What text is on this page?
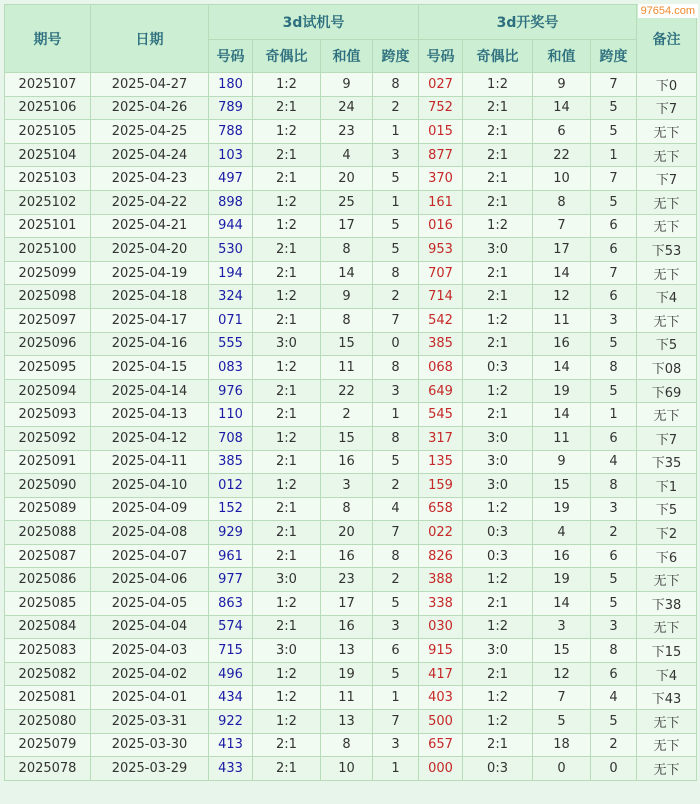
期号	日期	3d试机号				3d开奖号				备注
		号码	奇偶比	和值	跨度	号码	奇偶比	和值	跨度	
2025107	2025-04-27	180	1:2	9	8	027	1:2	9	7	下0
2025106	2025-04-26	789	2:1	24	2	752	2:1	14	5	下7
2025105	2025-04-25	788	1:2	23	1	015	2:1	6	5	无下
2025104	2025-04-24	103	2:1	4	3	877	2:1	22	1	无下
2025103	2025-04-23	497	2:1	20	5	370	2:1	10	7	下7
2025102	2025-04-22	898	1:2	25	1	161	2:1	8	5	无下
2025101	2025-04-21	944	1:2	17	5	016	1:2	7	6	无下
2025100	2025-04-20	530	2:1	8	5	953	3:0	17	6	下53
2025099	2025-04-19	194	2:1	14	8	707	2:1	14	7	无下
2025098	2025-04-18	324	1:2	9	2	714	2:1	12	6	下4
2025097	2025-04-17	071	2:1	8	7	542	1:2	11	3	无下
2025096	2025-04-16	555	3:0	15	0	385	2:1	16	5	下5
2025095	2025-04-15	083	1:2	11	8	068	0:3	14	8	下08
2025094	2025-04-14	976	2:1	22	3	649	1:2	19	5	下69
2025093	2025-04-13	110	2:1	2	1	545	2:1	14	1	无下
2025092	2025-04-12	708	1:2	15	8	317	3:0	11	6	下7
2025091	2025-04-11	385	2:1	16	5	135	3:0	9	4	下35
2025090	2025-04-10	012	1:2	3	2	159	3:0	15	8	下1
2025089	2025-04-09	152	2:1	8	4	658	1:2	19	3	下5
2025088	2025-04-08	929	2:1	20	7	022	0:3	4	2	下2
2025087	2025-04-07	961	2:1	16	8	826	0:3	16	6	下6
2025086	2025-04-06	977	3:0	23	2	388	1:2	19	5	无下
2025085	2025-04-05	863	1:2	17	5	338	2:1	14	5	下38
2025084	2025-04-04	574	2:1	16	3	030	1:2	3	3	无下
2025083	2025-04-03	715	3:0	13	6	915	3:0	15	8	下15
2025082	2025-04-02	496	1:2	19	5	417	2:1	12	6	下4
2025081	2025-04-01	434	1:2	11	1	403	1:2	7	4	下43
2025080	2025-03-31	922	1:2	13	7	500	1:2	5	5	无下
2025079	2025-03-30	413	2:1	8	3	657	2:1	18	2	无下
2025078	2025-03-29	433	2:1	10	1	000	0:3	0	0	无下
97654.com
